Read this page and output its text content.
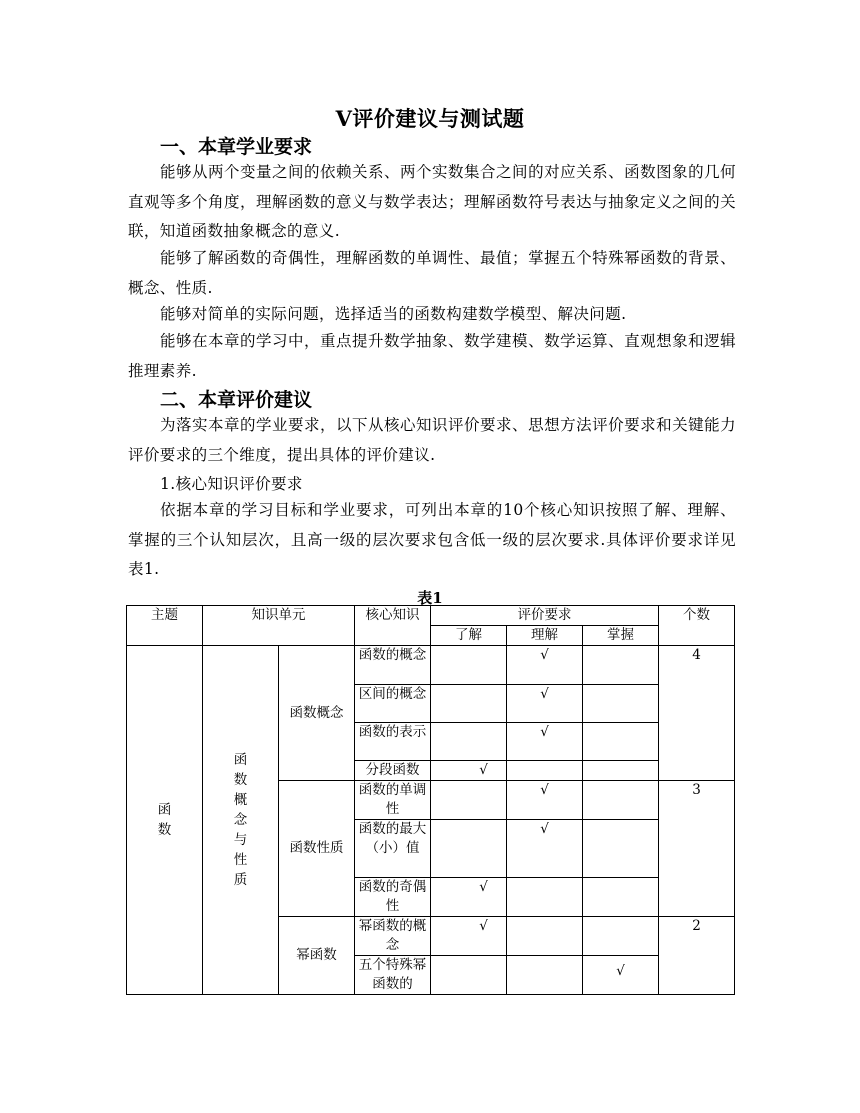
V评价建议与测试题
一、本章学业要求
能够从两个变量之间的依赖关系、两个实数集合之间的对应关系、函数图象的几何直观等多个角度，理解函数的意义与数学表达；理解函数符号表达与抽象定义之间的关联，知道函数抽象概念的意义.
能够了解函数的奇偶性，理解函数的单调性、最值；掌握五个特殊幂函数的背景、概念、性质.
能够对简单的实际问题，选择适当的函数构建数学模型、解决问题.
能够在本章的学习中，重点提升数学抽象、数学建模、数学运算、直观想象和逻辑推理素养.
二、本章评价建议
为落实本章的学业要求，以下从核心知识评价要求、思想方法评价要求和关键能力评价要求的三个维度，提出具体的评价建议.
1.核心知识评价要求
依据本章的学习目标和学业要求，可列出本章的10个核心知识按照了解、理解、掌握的三个认知层次，且高一级的层次要求包含低一级的层次要求.具体评价要求详见表1.
表1
主题	知识单元		核心知识	评价要求			个数
				了解	理解	掌握	
函数	函数概念与性质	函数概念	函数的概念		√		4
			区间的概念		√		
			函数的表示		√		
			分段函数	√			
		函数性质	函数的单调性		√		3
			函数的最大（小）值		√		
			函数的奇偶性	√			
		幂函数	幂函数的概念	√			2
			五个特殊幂函数的			√	
